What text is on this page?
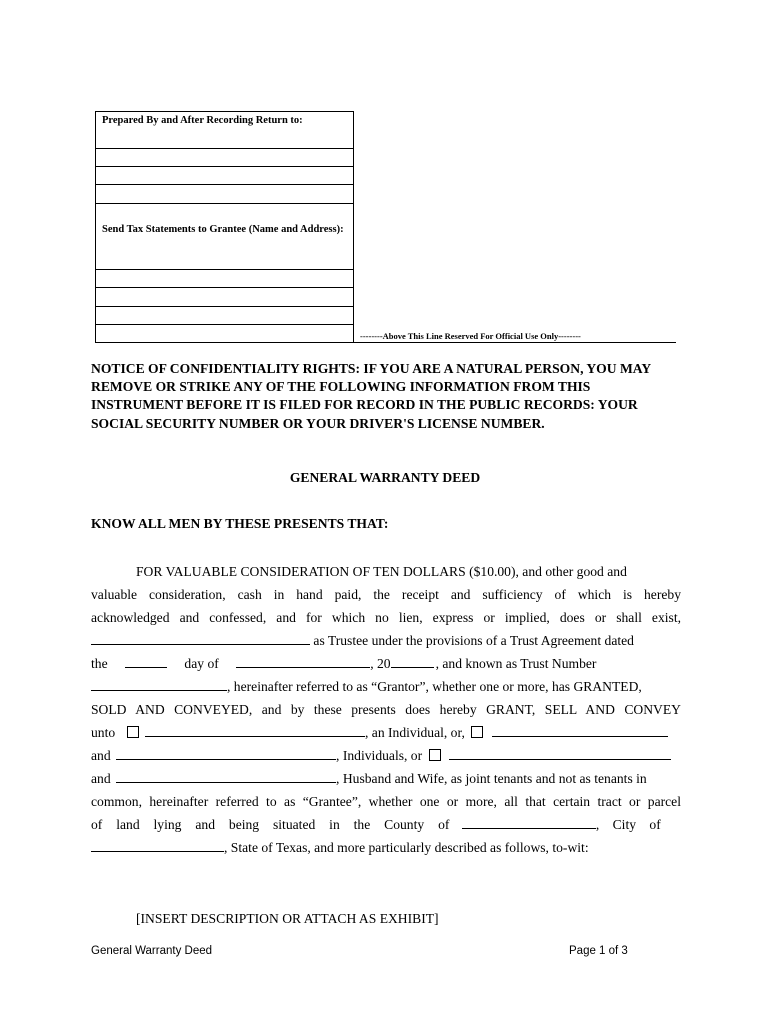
Prepared By and After Recording Return to:
Send Tax Statements to Grantee (Name and Address):
--------Above This Line Reserved For Official Use Only--------
NOTICE OF CONFIDENTIALITY RIGHTS: IF YOU ARE A NATURAL PERSON, YOU MAY REMOVE OR STRIKE ANY OF THE FOLLOWING INFORMATION FROM THIS INSTRUMENT BEFORE IT IS FILED FOR RECORD IN THE PUBLIC RECORDS: YOUR SOCIAL SECURITY NUMBER OR YOUR DRIVER'S LICENSE NUMBER.
GENERAL WARRANTY DEED
KNOW ALL MEN BY THESE PRESENTS THAT:
FOR VALUABLE CONSIDERATION OF TEN DOLLARS ($10.00), and other good and
valuable consideration, cash in hand paid, the receipt and sufficiency of which is hereby
acknowledged and confessed, and for which no lien, express or implied, does or shall exist,
as Trustee under the provisions of a Trust Agreement dated
the	day of	, 20	, and known as Trust Number
, hereinafter referred to as “Grantor”, whether one or more, has GRANTED,
SOLD AND CONVEYED, and by these presents does hereby GRANT, SELL AND CONVEY
unto	, an Individual, or,
and	, Individuals, or
and	, Husband and Wife, as joint tenants and not as tenants in
common, hereinafter referred to as “Grantee”, whether one or more, all that certain tract or parcel
of land lying and being situated in the County of	, City of
, State of Texas, and more particularly described as follows, to-wit:
[INSERT DESCRIPTION OR ATTACH AS EXHIBIT]
General Warranty Deed	Page 1 of 3
